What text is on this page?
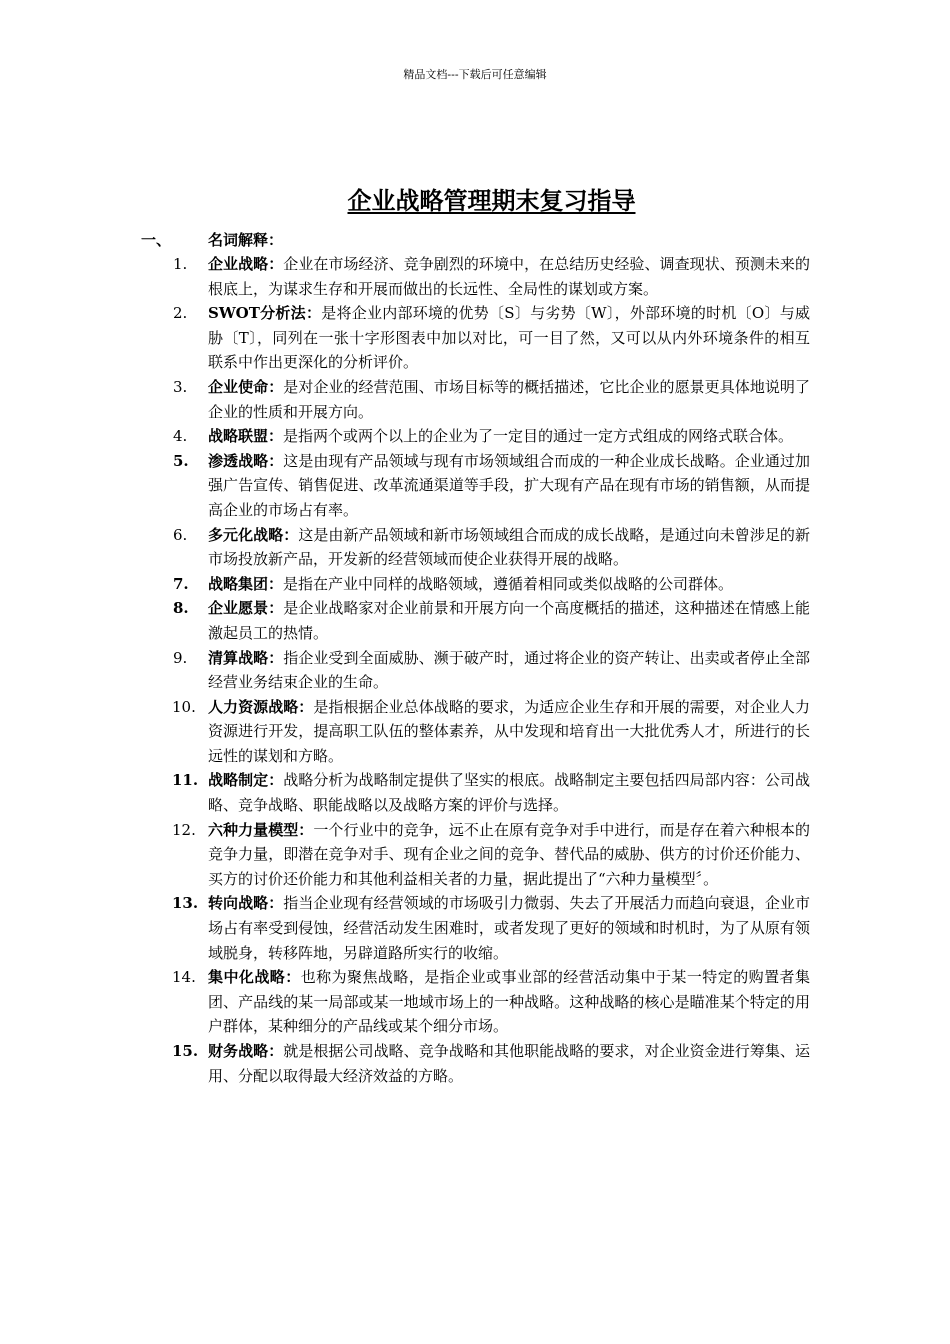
精品文档---下载后可任意编辑
企业战略管理期末复习指导
一、 名词解释：
1. 企业战略：企业在市场经济、竞争剧烈的环境中，在总结历史经验、调查现状、预测未来的根底上，为谋求生存和开展而做出的长远性、全局性的谋划或方案。
2. SWOT分析法：是将企业内部环境的优势〔S〕与劣势〔W〕，外部环境的时机〔O〕与威胁〔T〕，同列在一张十字形图表中加以对比，可一目了然，又可以从内外环境条件的相互联系中作出更深化的分析评价。
3. 企业使命：是对企业的经营范围、市场目标等的概括描述，它比企业的愿景更具体地说明了企业的性质和开展方向。
4. 战略联盟：是指两个或两个以上的企业为了一定目的通过一定方式组成的网络式联合体。
5. 渗透战略：这是由现有产品领域与现有市场领域组合而成的一种企业成长战略。企业通过加强广告宣传、销售促进、改革流通渠道等手段，扩大现有产品在现有市场的销售额，从而提高企业的市场占有率。
6. 多元化战略：这是由新产品领域和新市场领域组合而成的成长战略，是通过向未曾涉足的新市场投放新产品，开发新的经营领域而使企业获得开展的战略。
7. 战略集团：是指在产业中同样的战略领域，遵循着相同或类似战略的公司群体。
8. 企业愿景：是企业战略家对企业前景和开展方向一个高度概括的描述，这种描述在情感上能激起员工的热情。
9. 清算战略：指企业受到全面威胁、濒于破产时，通过将企业的资产转让、出卖或者停止全部经营业务结束企业的生命。
10. 人力资源战略：是指根据企业总体战略的要求，为适应企业生存和开展的需要，对企业人力资源进行开发，提高职工队伍的整体素养，从中发现和培育出一大批优秀人才，所进行的长远性的谋划和方略。
11. 战略制定：战略分析为战略制定提供了坚实的根底。战略制定主要包括四局部内容：公司战略、竞争战略、职能战略以及战略方案的评价与选择。
12. 六种力量模型：一个行业中的竞争，远不止在原有竞争对手中进行，而是存在着六种根本的竞争力量，即潜在竞争对手、现有企业之间的竞争、替代品的威胁、供方的讨价还价能力、买方的讨价还价能力和其他利益相关者的力量，据此提出了“六种力量模型〞。
13. 转向战略：指当企业现有经营领域的市场吸引力微弱、失去了开展活力而趋向衰退，企业市场占有率受到侵蚀，经营活动发生困难时，或者发现了更好的领域和时机时，为了从原有领域脱身，转移阵地，另辟道路所实行的收缩。
14. 集中化战略：也称为聚焦战略，是指企业或事业部的经营活动集中于某一特定的购置者集团、产品线的某一局部或某一地域市场上的一种战略。这种战略的核心是瞄准某个特定的用户群体，某种细分的产品线或某个细分市场。
15. 财务战略：就是根据公司战略、竞争战略和其他职能战略的要求，对企业资金进行筹集、运用、分配以取得最大经济效益的方略。
